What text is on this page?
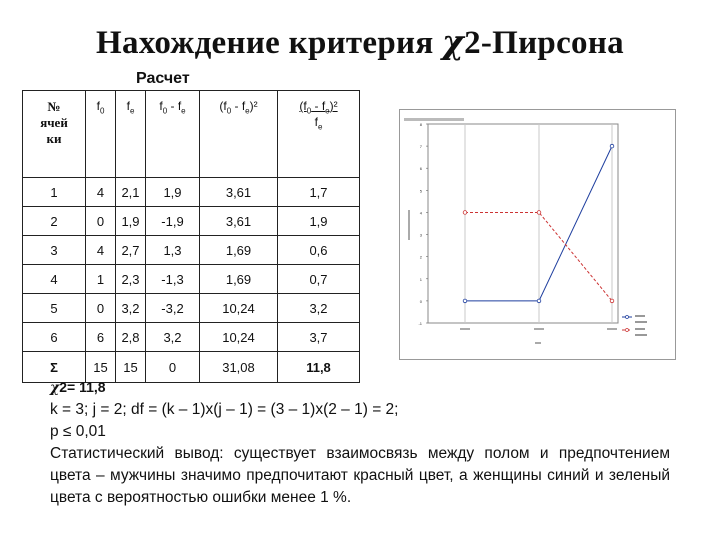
Нахождение критерия χ2-Пирсона
Расчет
№
ячей
ки	$f_0$	$f_e$	$f_0 - f_e$	$(f_0 - f_e)^2$	$(f_0 - f_e)^2$
$f_e$
1	4	2,1	1,9	3,61	1,7
2	0	1,9	-1,9	3,61	1,9
3	4	2,7	1,3	1,69	0,6
4	1	2,3	-1,3	1,69	0,7
5	0	3,2	-3,2	10,24	3,2
6	6	2,8	3,2	10,24	3,7
Σ	15	15	0	31,08	11,8
-1
0
1
2
3
4
5
6
7
8
χ2= 11,8
k = 3; j = 2; df = (k – 1)x(j – 1) = (3 – 1)x(2 – 1) = 2;
p ≤ 0,01
Статистический вывод: существует взаимосвязь между полом и предпочтением цвета – мужчины значимо предпочитают красный цвет, а женщины синий и зеленый цвета с вероятностью ошибки менее 1 %.
